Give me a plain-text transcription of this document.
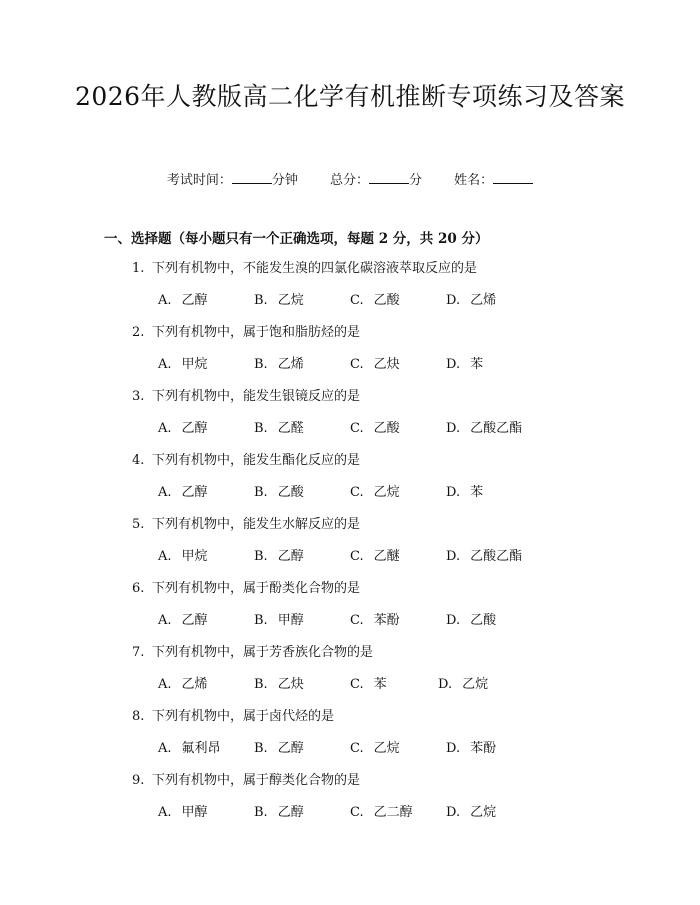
2026年人教版高二化学有机推断专项练习及答案
考试时间：	分钟 总分：	分 姓名：
一、选择题（每小题只有一个正确选项，每题 2 分，共 20 分）
1. 下列有机物中，不能发生溴的四氯化碳溶液萃取反应的是
A. 乙醇	B. 乙烷	C. 乙酸	D. 乙烯
2. 下列有机物中，属于饱和脂肪烃的是
A. 甲烷	B. 乙烯	C. 乙炔	D. 苯
3. 下列有机物中，能发生银镜反应的是
A. 乙醇	B. 乙醛	C. 乙酸	D. 乙酸乙酯
4. 下列有机物中，能发生酯化反应的是
A. 乙醇	B. 乙酸	C. 乙烷	D. 苯
5. 下列有机物中，能发生水解反应的是
A. 甲烷	B. 乙醇	C. 乙醚	D. 乙酸乙酯
6. 下列有机物中，属于酚类化合物的是
A. 乙醇	B. 甲醇	C. 苯酚	D. 乙酸
7. 下列有机物中，属于芳香族化合物的是
A. 乙烯	B. 乙炔	C. 苯	D. 乙烷
8. 下列有机物中，属于卤代烃的是
A. 氟利昂	B. 乙醇	C. 乙烷	D. 苯酚
9. 下列有机物中，属于醇类化合物的是
A. 甲醇	B. 乙醇	C. 乙二醇	D. 乙烷
